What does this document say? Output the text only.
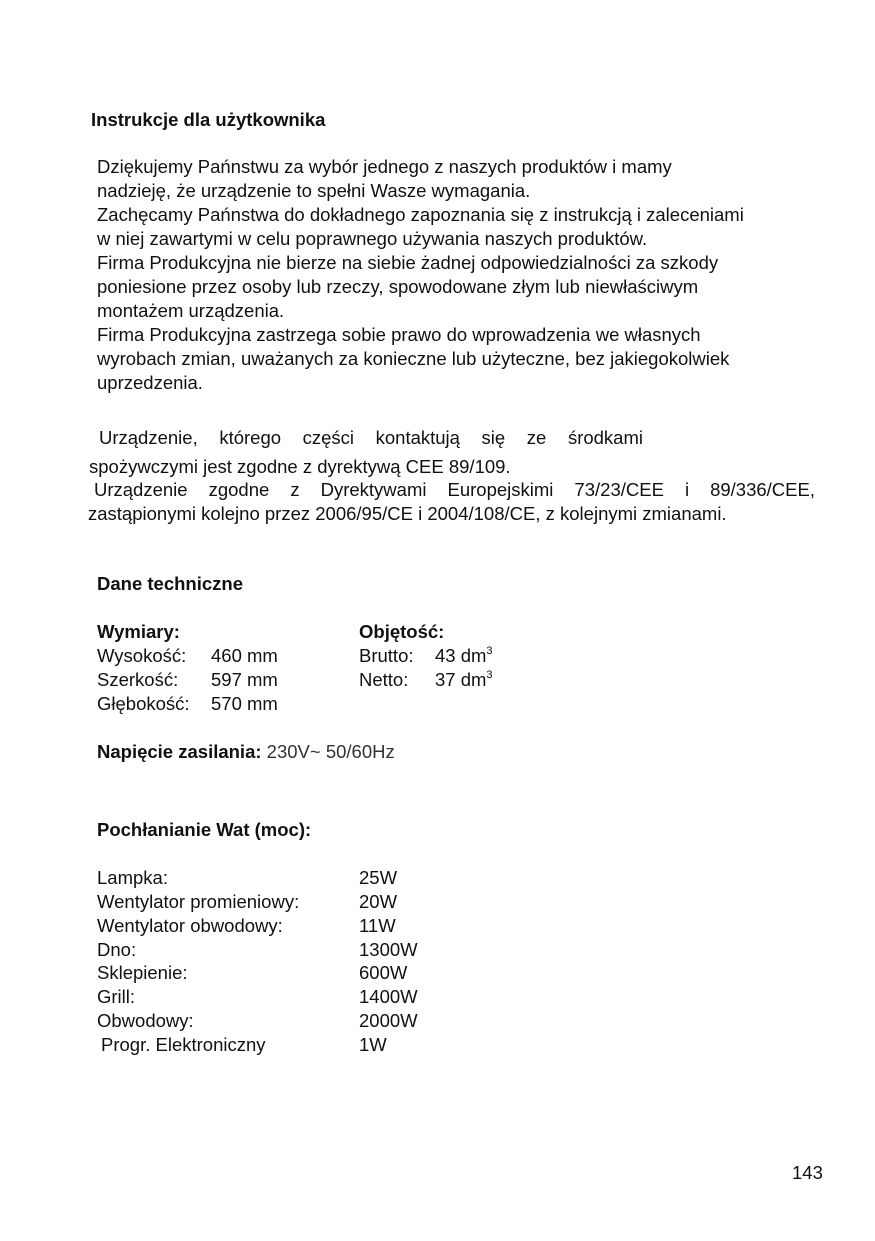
Instrukcje dla użytkownika
Dziękujemy Pańnstwu za wybór jednego z naszych produktów i mamy
nadzieję, że urządzenie to spełni Wasze wymagania.
Zachęcamy Pańnstwa do dokładnego zapoznania się z instrukcją i zaleceniami
w niej zawartymi w celu poprawnego używania naszych produktów.
Firma Produkcyjna nie bierze na siebie żadnej odpowiedzialności za szkody
poniesione przez osoby lub rzeczy, spowodowane złym lub niewłaściwym
montażem urządzenia.
Firma Produkcyjna zastrzega sobie prawo do wprowadzenia we własnych
wyrobach zmian, uważanych za konieczne lub użyteczne, bez jakiegokolwiek
uprzedzenia.
Urządzenie, którego części kontaktują się ze środkami
spożywczymi jest zgodne z dyrektywą CEE 89/109.
Urządzenie zgodne z Dyrektywami Europejskimi 73/23/CEE i 89/336/CEE,
zastąpionymi kolejno przez 2006/95/CE i 2004/108/CE, z kolejnymi zmianami.
Dane techniczne
Wymiary:
Wysokość: 460 mm
Szerkość: 597 mm
Głębokość: 570 mm
Objętość:
Brutto: 43 $dm^3$
Netto: 37 $dm^3$
Napięcie zasilania: 230V~ 50/60Hz
Pochłanianie Wat (moc):
Lampka:	25W
Wentylator promieniowy:	20W
Wentylator obwodowy:	11W
Dno:	1300W
Sklepienie:	600W
Grill:	1400W
Obwodowy:	2000W
Progr. Elektroniczny	1W
143
